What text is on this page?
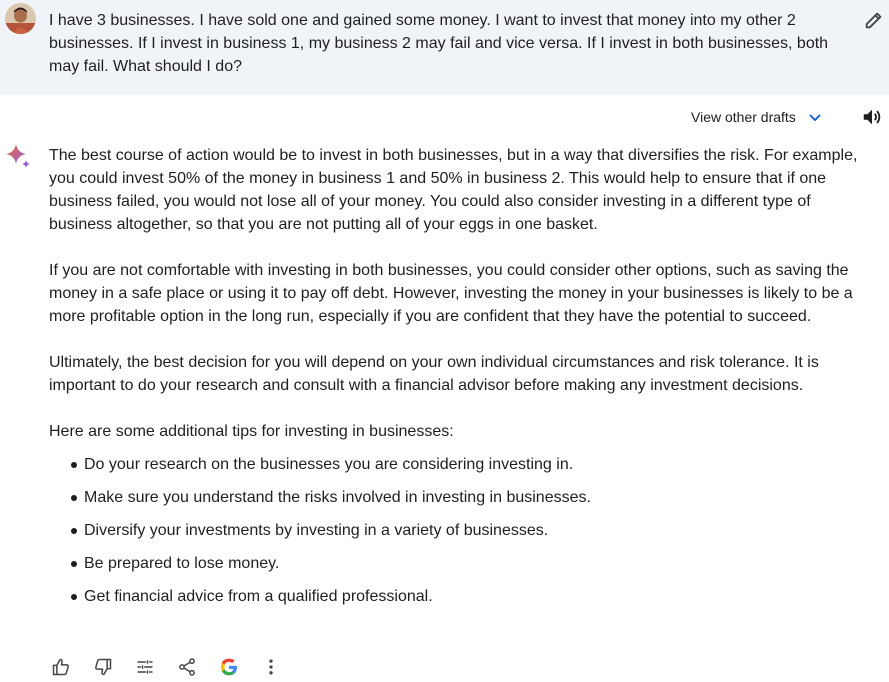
I have 3 businesses. I have sold one and gained some money. I want to invest that money into my other 2 businesses. If I invest in business 1, my business 2 may fail and vice versa. If I invest in both businesses, both may fail. What should I do?
View other drafts

The best course of action would be to invest in both businesses, but in a way that diversifies the risk. For example, you could invest 50% of the money in business 1 and 50% in business 2. This would help to ensure that if one business failed, you would not lose all of your money. You could also consider investing in a different type of business altogether, so that you are not putting all of your eggs in one basket.

If you are not comfortable with investing in both businesses, you could consider other options, such as saving the money in a safe place or using it to pay off debt. However, investing the money in your businesses is likely to be a more profitable option in the long run, especially if you are confident that they have the potential to succeed.

Ultimately, the best decision for you will depend on your own individual circumstances and risk tolerance. It is important to do your research and consult with a financial advisor before making any investment decisions.

Here are some additional tips for investing in businesses:

Do your research on the businesses you are considering investing in.
Make sure you understand the risks involved in investing in businesses.
Diversify your investments by investing in a variety of businesses.
Be prepared to lose money.
Get financial advice from a qualified professional.
